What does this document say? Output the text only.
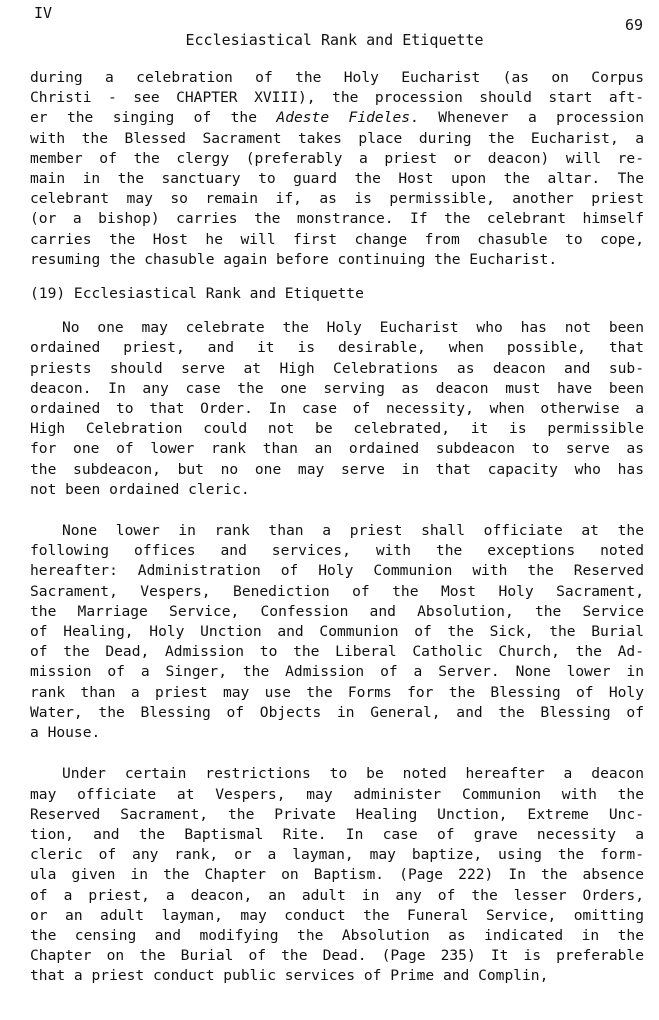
IV
69
Ecclesiastical Rank and Etiquette
during a celebration of the Holy Eucharist (as on Corpus
Christi - see CHAPTER XVIII), the procession should start aft-
er the singing of the Adeste Fideles. Whenever a procession
with the Blessed Sacrament takes place during the Eucharist, a
member of the clergy (preferably a priest or deacon) will re-
main in the sanctuary to guard the Host upon the altar. The
celebrant may so remain if, as is permissible, another priest
(or a bishop) carries the monstrance. If the celebrant himself
carries the Host he will first change from chasuble to cope,
resuming the chasuble again before continuing the Eucharist.

(19) Ecclesiastical Rank and Etiquette

No one may celebrate the Holy Eucharist who has not been
ordained priest, and it is desirable, when possible, that
priests should serve at High Celebrations as deacon and sub-
deacon. In any case the one serving as deacon must have been
ordained to that Order. In case of necessity, when otherwise a
High Celebration could not be celebrated, it is permissible
for one of lower rank than an ordained subdeacon to serve as
the subdeacon, but no one may serve in that capacity who has
not been ordained cleric.
None lower in rank than a priest shall officiate at the
following offices and services, with the exceptions noted
hereafter: Administration of Holy Communion with the Reserved
Sacrament, Vespers, Benediction of the Most Holy Sacrament,
the Marriage Service, Confession and Absolution, the Service
of Healing, Holy Unction and Communion of the Sick, the Burial
of the Dead, Admission to the Liberal Catholic Church, the Ad-
mission of a Singer, the Admission of a Server. None lower in
rank than a priest may use the Forms for the Blessing of Holy
Water, the Blessing of Objects in General, and the Blessing of
a House.
Under certain restrictions to be noted hereafter a deacon
may officiate at Vespers, may administer Communion with the
Reserved Sacrament, the Private Healing Unction, Extreme Unc-
tion, and the Baptismal Rite. In case of grave necessity a
cleric of any rank, or a layman, may baptize, using the form-
ula given in the Chapter on Baptism. (Page 222) In the absence
of a priest, a deacon, an adult in any of the lesser Orders,
or an adult layman, may conduct the Funeral Service, omitting
the censing and modifying the Absolution as indicated in the
Chapter on the Burial of the Dead. (Page 235) It is preferable
that a priest conduct public services of Prime and Complin,
